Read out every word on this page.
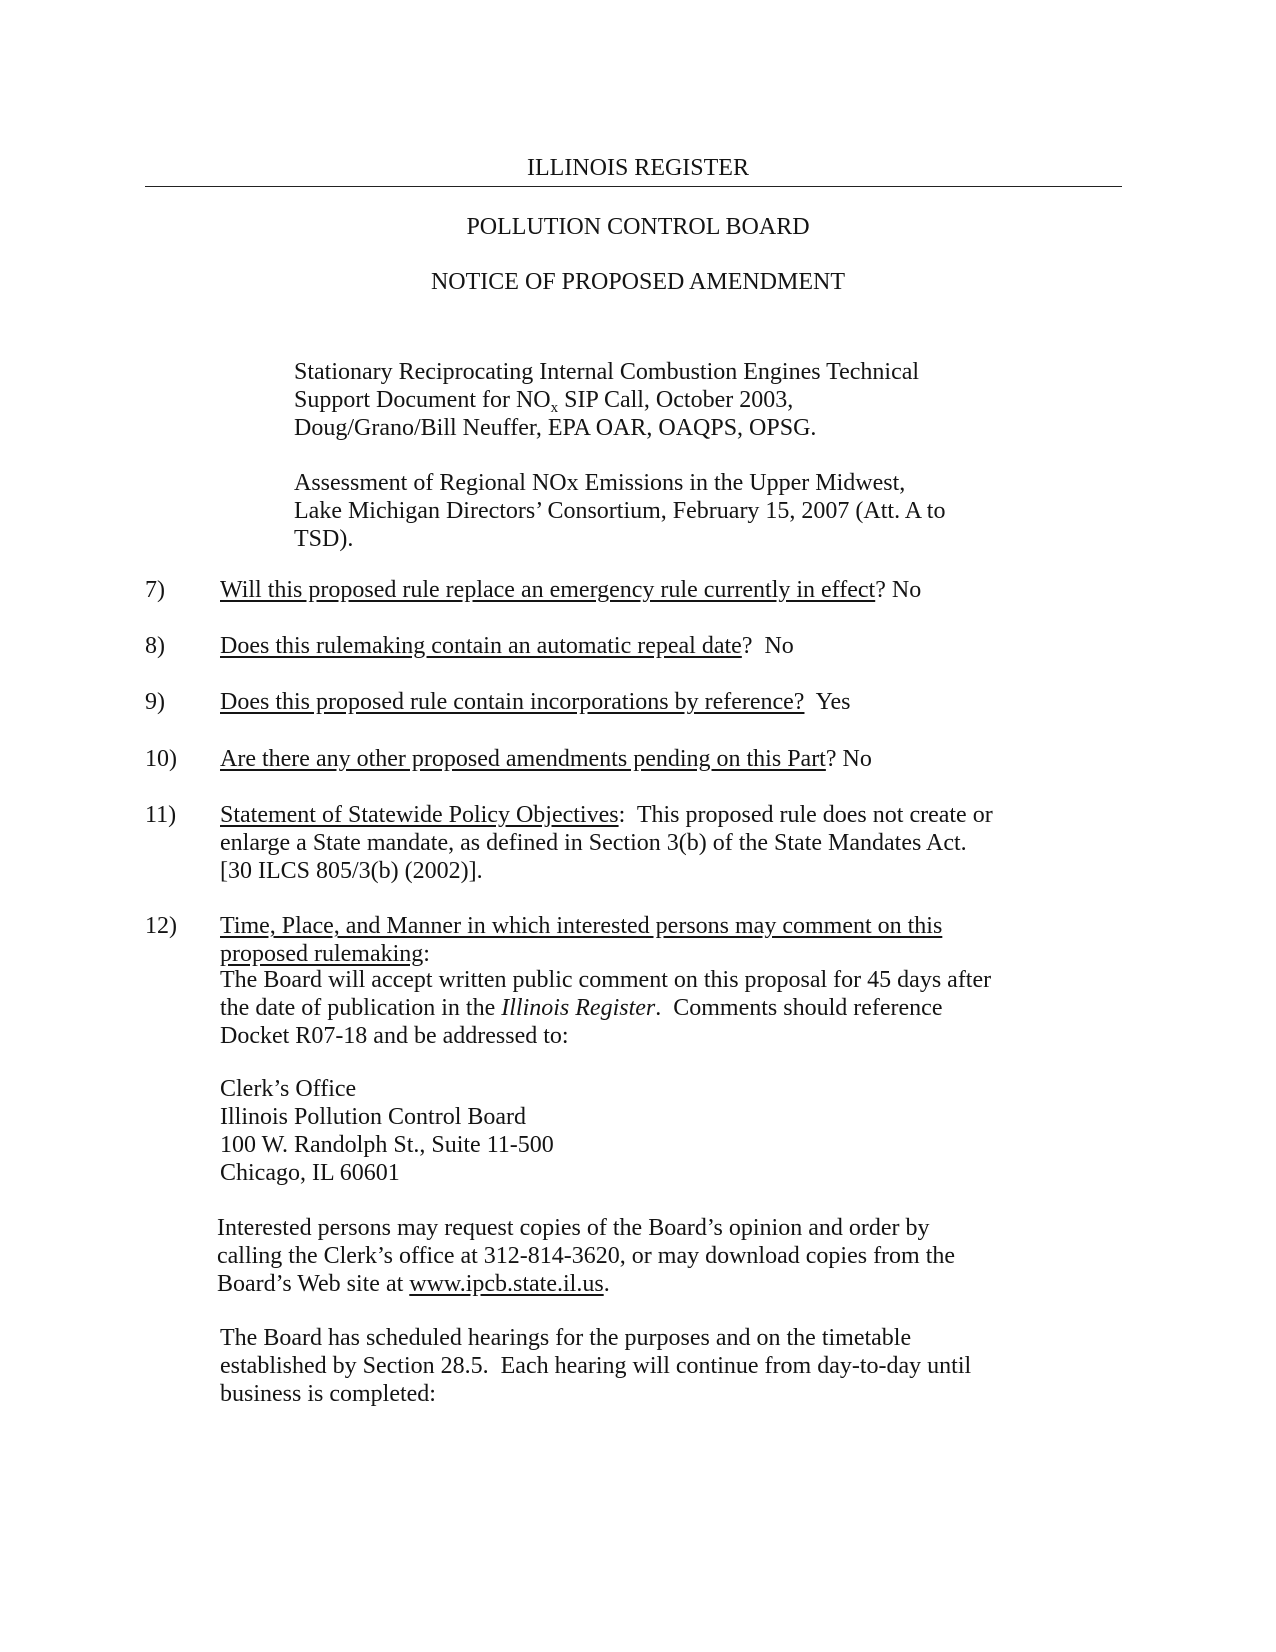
ILLINOIS REGISTER
POLLUTION CONTROL BOARD
NOTICE OF PROPOSED AMENDMENT
Stationary Reciprocating Internal Combustion Engines Technical
Support Document for $NO_x$ SIP Call, October 2003,
Doug/Grano/Bill Neuffer, EPA OAR, OAQPS, OPSG.
Assessment of Regional NOx Emissions in the Upper Midwest,
Lake Michigan Directors’ Consortium, February 15, 2007 (Att. A to
TSD).
7) Will this proposed rule replace an emergency rule currently in effect? No
8) Does this rulemaking contain an automatic repeal date?  No
9) Does this proposed rule contain incorporations by reference?  Yes
10) Are there any other proposed amendments pending on this Part? No
11) Statement of Statewide Policy Objectives:  This proposed rule does not create or
enlarge a State mandate, as defined in Section 3(b) of the State Mandates Act.
[30 ILCS 805/3(b) (2002)].
12) Time, Place, and Manner in which interested persons may comment on this
proposed rulemaking:
The Board will accept written public comment on this proposal for 45 days after
the date of publication in the Illinois Register.  Comments should reference
Docket R07-18 and be addressed to:
Clerk’s Office
Illinois Pollution Control Board
100 W. Randolph St., Suite 11-500
Chicago, IL 60601
Interested persons may request copies of the Board’s opinion and order by
calling the Clerk’s office at 312-814-3620, or may download copies from the
Board’s Web site at www.ipcb.state.il.us.
The Board has scheduled hearings for the purposes and on the timetable
established by Section 28.5.  Each hearing will continue from day-to-day until
business is completed:
